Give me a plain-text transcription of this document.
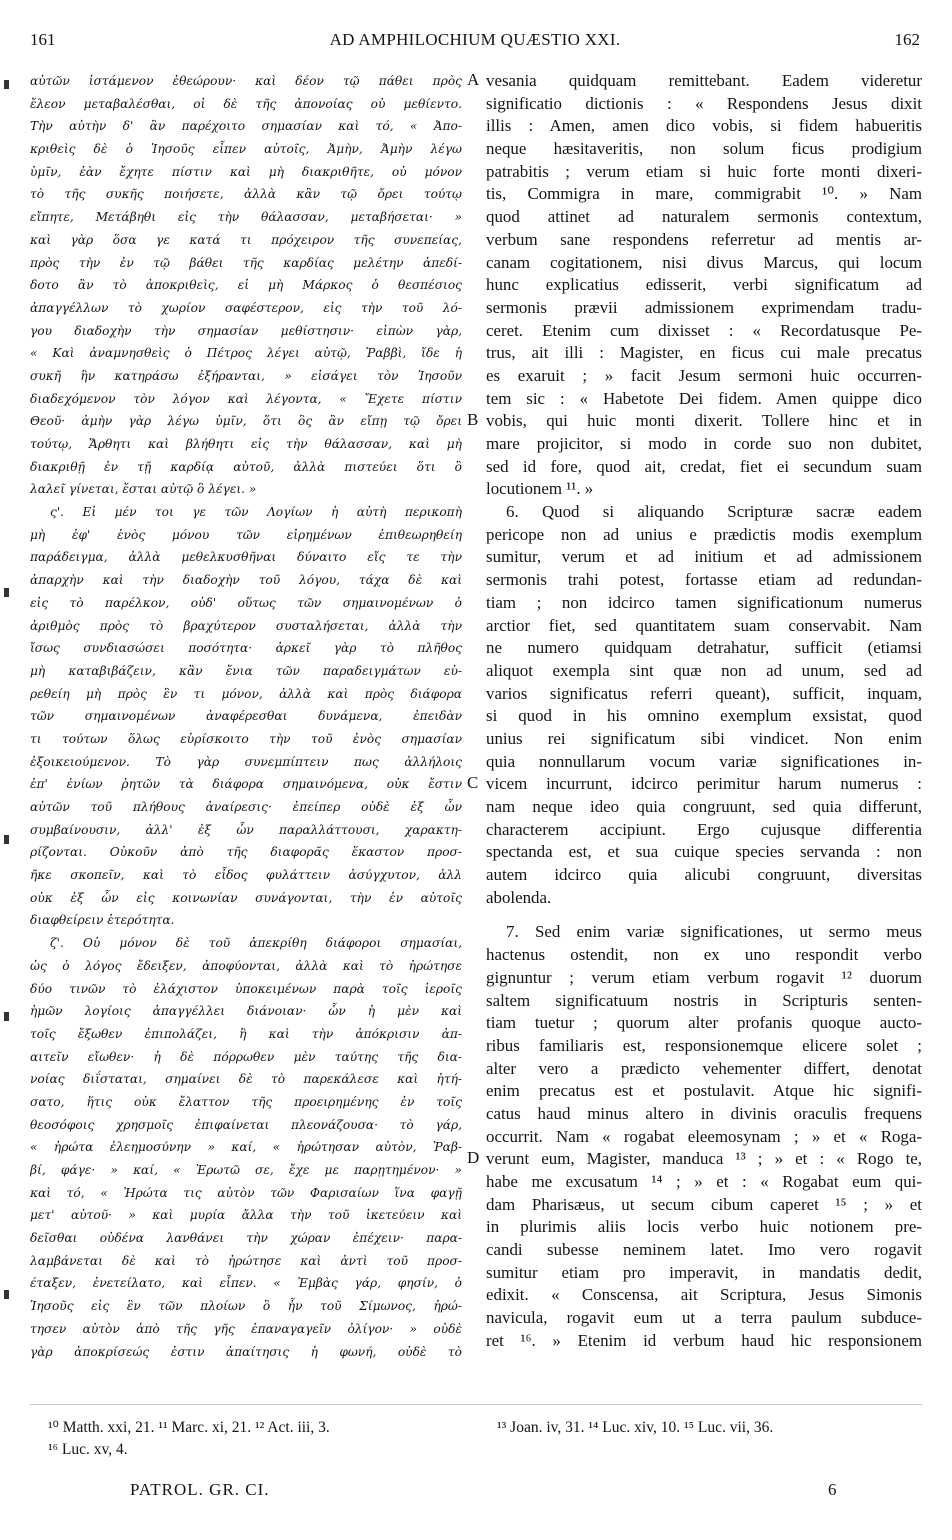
161	AD AMPHILOCHIUM QUÆSTIO XXI.	162
αὐτῶν ἰστάμενον ἐθεώρουν· καὶ δέον τῷ πάθει πρὸς
ἔλεον μεταβαλέσθαι, οἱ δὲ τῆς ἀπονοίας οὐ μεθίεντο.
Τὴν αὐτὴν δ' ἂν παρέχοιτο σημασίαν καὶ τό, « Ἀπο-
κριθεὶς δὲ ὁ Ἰησοῦς εἶπεν αὐτοῖς, Ἀμὴν, Ἀμὴν λέγω
ὑμῖν, ἐὰν ἔχητε πίστιν καὶ μὴ διακριθῆτε, οὐ μόνον
τὸ τῆς συκῆς ποιήσετε, ἀλλὰ κἂν τῷ ὄρει τούτῳ
εἴπητε, Μετάβηθι εἰς τὴν θάλασσαν, μεταβήσεται· »
καὶ γὰρ ὅσα γε κατά τι πρόχειρον τῆς συνεπείας,
πρὸς τὴν ἐν τῷ βάθει τῆς καρδίας μελέτην ἀπεδί-
δοτο ἂν τὸ ἀποκριθεὶς, εἰ μὴ Μάρκος ὁ θεσπέσιος
ἀπαγγέλλων τὸ χωρίον σαφέστερον, εἰς τὴν τοῦ λό-
γου διαδοχὴν τὴν σημασίαν μεθίστησιν· εἰπὼν γὰρ,
« Καὶ ἀναμνησθεὶς ὁ Πέτρος λέγει αὐτῷ, Ῥαββὶ, ἴδε ἡ
συκῆ ἣν κατηράσω ἐξήρανται, » εἰσάγει τὸν Ἰησοῦν
διαδεχόμενον τὸν λόγον καὶ λέγοντα, « Ἔχετε πίστιν
Θεοῦ· ἀμὴν γὰρ λέγω ὑμῖν, ὅτι ὃς ἂν εἴπῃ τῷ ὄρει
τούτῳ, Ἄρθητι καὶ βλήθητι εἰς τὴν θάλασσαν, καὶ μὴ
διακριθῇ ἐν τῇ καρδίᾳ αὐτοῦ, ἀλλὰ πιστεύει ὅτι ὃ
λαλεῖ γίνεται, ἔσται αὐτῷ ὃ λέγει. »
ς'. Εἰ μέν τοι γε τῶν Λογίων ἡ αὐτὴ περικοπὴ
μὴ ἐφ' ἑνὸς μόνου τῶν εἰρημένων ἐπιθεωρηθείη
παράδειγμα, ἀλλὰ μεθελκυσθῆναι δύναιτο εἴς τε τὴν
ἀπαρχὴν καὶ τὴν διαδοχὴν τοῦ λόγου, τάχα δὲ καὶ
εἰς τὸ παρέλκον, οὐδ' οὕτως τῶν σημαινομένων ὁ
ἀριθμὸς πρὸς τὸ βραχύτερον συσταλήσεται, ἀλλὰ τὴν
ἴσως συνδιασώσει ποσότητα· ἀρκεῖ γὰρ τὸ πλῆθος
μὴ καταβιβάζειν, κἂν ἔνια τῶν παραδειγμάτων εὑ-
ρεθείη μὴ πρὸς ἓν τι μόνον, ἀλλὰ καὶ πρὸς διάφορα
τῶν σημαινομένων ἀναφέρεσθαι δυνάμενα, ἐπειδὰν
τι τούτων ὅλως εὑρίσκοιτο τὴν τοῦ ἑνὸς σημασίαν
ἐξοικειούμενον. Τὸ γὰρ συνεμπίπτειν πως ἀλλήλοις
ἐπ' ἐνίων ῥητῶν τὰ διάφορα σημαινόμενα, οὐκ ἔστιν
αὐτῶν τοῦ πλήθους ἀναίρεσις· ἐπείπερ οὐδὲ ἐξ ὧν
συμβαίνουσιν, ἀλλ' ἐξ ὧν παραλλάττουσι, χαρακτη-
ρίζονται. Οὐκοῦν ἀπὸ τῆς διαφορᾶς ἕκαστον προσ-
ῆκε σκοπεῖν, καὶ τὸ εἶδος φυλάττειν ἀσύγχυτον, ἀλλ
οὐκ ἐξ ὧν εἰς κοινωνίαν συνάγονται, τὴν ἐν αὐτοῖς
διαφθείρειν ἑτερότητα.
ζ'. Οὐ μόνον δὲ τοῦ ἀπεκρίθη διάφοροι σημασίαι,
ὡς ὁ λόγος ἔδειξεν, ἀποφύονται, ἀλλὰ καὶ τὸ ἠρώτησε
δύο τινῶν τὸ ἐλάχιστον ὑποκειμένων παρὰ τοῖς ἱεροῖς
ἡμῶν λογίοις ἀπαγγέλλει διάνοιαν· ὧν ἡ μὲν καὶ
τοῖς ἔξωθεν ἐπιπολάζει, ἣ καὶ τὴν ἀπόκρισιν ἀπ-
αιτεῖν εἴωθεν· ἡ δὲ πόρρωθεν μὲν ταύτης τῆς δια-
νοίας διΐσταται, σημαίνει δὲ τὸ παρεκάλεσε καὶ ἠτή-
σατο, ἥτις οὐκ ἔλαττον τῆς προειρημένης ἐν τοῖς
θεοσόφοις χρησμοῖς ἐπιφαίνεται πλεονάζουσα· τὸ γάρ,
« ἠρώτα ἐλεημοσύνην » καί, « ἠρώτησαν αὐτὸν, Ῥαβ-
βί, φάγε· » καί, « Ἐρωτῶ σε, ἔχε με παρῃτημένον· »
καὶ τό, « Ἠρώτα τις αὐτὸν τῶν Φαρισαίων ἵνα φαγῇ
μετ' αὐτοῦ· » καὶ μυρία ἄλλα τὴν τοῦ ἱκετεύειν καὶ
δεῖσθαι οὐδένα λανθάνει τὴν χώραν ἐπέχειν· παρα-
λαμβάνεται δὲ καὶ τὸ ἠρώτησε καὶ ἀντὶ τοῦ προσ-
έταξεν, ἐνετείλατο, καὶ εἶπεν. « Ἐμβὰς γάρ, φησίν, ὁ
Ἰησοῦς εἰς ἓν τῶν πλοίων ὃ ἦν τοῦ Σίμωνος, ἠρώ-
τησεν αὐτὸν ἀπὸ τῆς γῆς ἐπαναγαγεῖν ὀλίγον· » οὐδὲ
γὰρ ἀποκρίσεώς ἐστιν ἀπαίτησις ἡ φωνή, οὐδὲ τὸ
vesania quidquam remittebant. Eadem videretur
significatio dictionis : « Respondens Jesus dixit
illis : Amen, amen dico vobis, si fidem habueritis
neque hæsitaveritis, non solum ficus prodigium
patrabitis ; verum etiam si huic forte monti dixeri-
tis, Commigra in mare, commigrabit ¹⁰. » Nam
quod attinet ad naturalem sermonis contextum,
verbum sane respondens referretur ad mentis ar-
canam cogitationem, nisi divus Marcus, qui locum
hunc explicatius edisserit, verbi significatum ad
sermonis prævii admissionem exprimendam tradu-
ceret. Etenim cum dixisset : « Recordatusque Pe-
trus, ait illi : Magister, en ficus cui male precatus
es exaruit ; » facit Jesum sermoni huic occurren-
tem sic : « Habetote Dei fidem. Amen quippe dico
vobis, qui huic monti dixerit. Tollere hinc et in
mare projicitor, si modo in corde suo non dubitet,
sed id fore, quod ait, credat, fiet ei secundum suam
locutionem ¹¹. »
6. Quod si aliquando Scripturæ sacræ eadem
pericope non ad unius e prædictis modis exemplum
sumitur, verum et ad initium et ad admissionem
sermonis trahi potest, fortasse etiam ad redundan-
tiam ; non idcirco tamen significationum numerus
arctior fiet, sed quantitatem suam conservabit. Nam
ne numero quidquam detrahatur, sufficit (etiamsi
aliquot exempla sint quæ non ad unum, sed ad
varios significatus referri queant), sufficit, inquam,
si quod in his omnino exemplum exsistat, quod
unius rei significatum sibi vindicet. Non enim
quia nonnullarum vocum variæ significationes in-
vicem incurrunt, idcirco perimitur harum numerus :
nam neque ideo quia congruunt, sed quia differunt,
characterem accipiunt. Ergo cujusque differentia
spectanda est, et sua cuique species servanda : non
autem idcirco quia alicubi congruunt, diversitas
abolenda.
7. Sed enim variæ significationes, ut sermo meus
hactenus ostendit, non ex uno respondit verbo
gignuntur ; verum etiam verbum rogavit ¹² duorum
saltem significatuum nostris in Scripturis senten-
tiam tuetur ; quorum alter profanis quoque aucto-
ribus familiaris est, responsionemque elicere solet ;
alter vero a prædicto vehementer differt, denotat
enim precatus est et postulavit. Atque hic signifi-
catus haud minus altero in divinis oraculis frequens
occurrit. Nam « rogabat eleemosynam ; » et « Roga-
verunt eum, Magister, manduca ¹³ ; » et : « Rogo te,
habe me excusatum ¹⁴ ; » et : « Rogabat eum qui-
dam Pharisæus, ut secum cibum caperet ¹⁵ ; » et
in plurimis aliis locis verbo huic notionem pre-
candi subesse neminem latet. Imo vero rogavit
sumitur etiam pro imperavit, in mandatis dedit,
edixit. « Conscensa, ait Scriptura, Jesus Simonis
navicula, rogavit eum ut a terra paulum subduce-
ret ¹⁶. » Etenim id verbum haud hic responsionem
A
B
C
D
¹⁰ Matth. xxi, 21. ¹¹ Marc. xi, 21. ¹² Act. iii, 3.
¹⁶ Luc. xv, 4.
¹³ Joan. iv, 31. ¹⁴ Luc. xiv, 10. ¹⁵ Luc. vii, 36.
PATROL. GR. CI.	6
